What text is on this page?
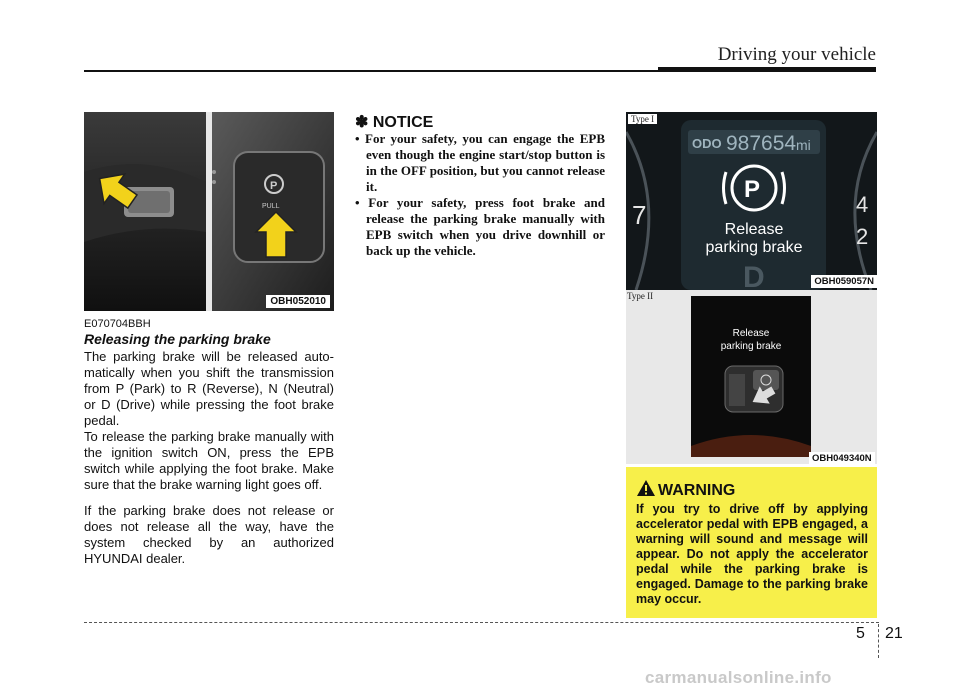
Driving your vehicle
P
PULL
OBH052010
E070704BBH
Releasing the parking brake
The parking brake will be released auto-matically when you shift the transmission from P (Park) to R (Reverse), N (Neutral) or D (Drive) while pressing the foot brake pedal.
To release the parking brake manually with the ignition switch ON, press the EPB switch while applying the foot brake. Make sure that the brake warning light goes off.
If the parking brake does not release or does not release all the way, have the system checked by an authorized HYUNDAI dealer.
✽ NOTICE
• For your safety, you can engage the EPB even though the engine start/stop button is in the OFF position, but you cannot release it.
• For your safety, press foot brake and release the parking brake manually with EPB switch when you drive downhill or back up the vehicle.
ODO 987654 mi
P
Release
parking brake
D
7	4
2
Type I
OBH059057N
Type II
Release
parking brake
OBH049340N
WARNING
If you try to drive off by applying accelerator pedal with EPB engaged, a warning will sound and message will appear. Do not apply the accelerator pedal while the parking brake is engaged. Damage to the parking brake may occur.
5 21
carmanualsonline.info
